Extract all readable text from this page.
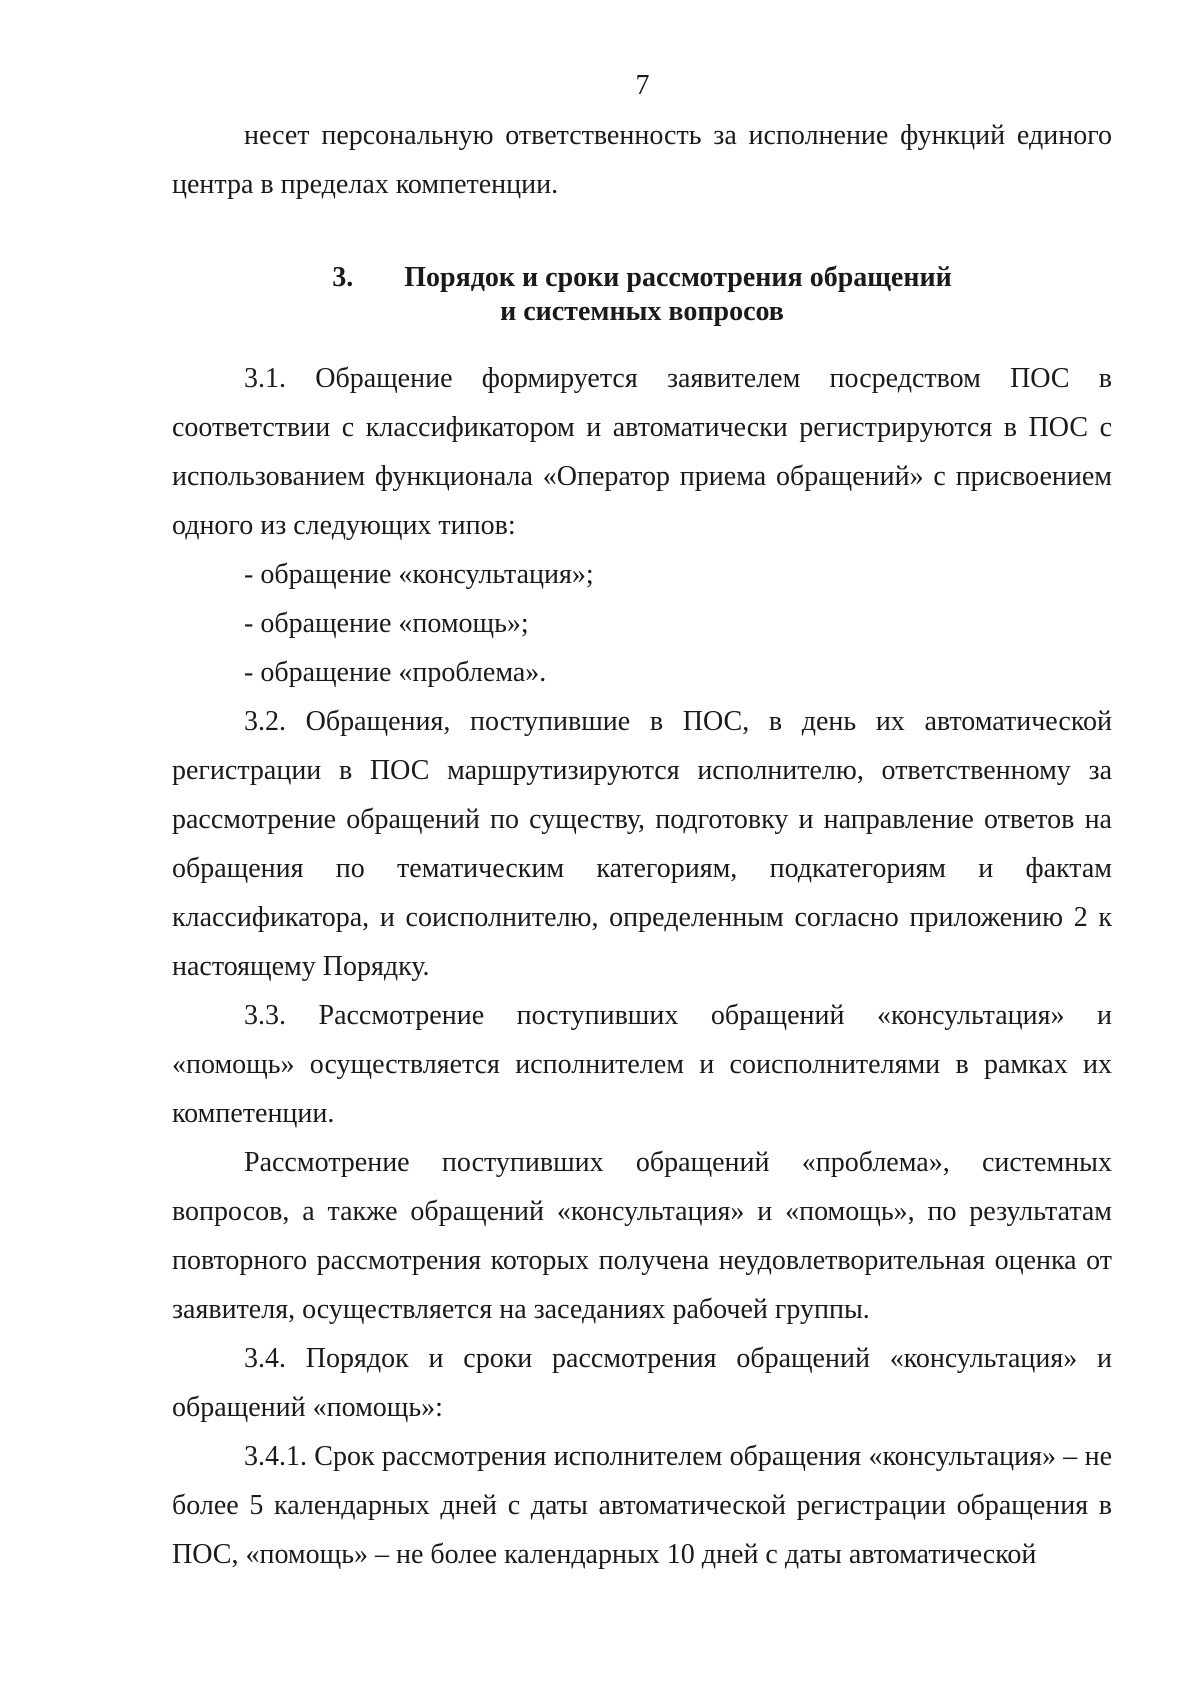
7

несет персональную ответственность за исполнение функций единого центра в пределах компетенции.

3. Порядок и сроки рассмотрения обращений
и системных вопросов

3.1. Обращение формируется заявителем посредством ПОС в соответствии с классификатором и автоматически регистрируются в ПОС с использованием функционала «Оператор приема обращений» с присвоением одного из следующих типов:

- обращение «консультация»;

- обращение «помощь»;

- обращение «проблема».

3.2. Обращения, поступившие в ПОС, в день их автоматической регистрации в ПОС маршрутизируются исполнителю, ответственному за рассмотрение обращений по существу, подготовку и направление ответов на обращения по тематическим категориям, подкатегориям и фактам классификатора, и соисполнителю, определенным согласно приложению 2 к настоящему Порядку.

3.3. Рассмотрение поступивших обращений «консультация» и «помощь» осуществляется исполнителем и соисполнителями в рамках их компетенции.

Рассмотрение поступивших обращений «проблема», системных вопросов, а также обращений «консультация» и «помощь», по результатам повторного рассмотрения которых получена неудовлетворительная оценка от заявителя, осуществляется на заседаниях рабочей группы.

3.4. Порядок и сроки рассмотрения обращений «консультация» и обращений «помощь»:

3.4.1. Срок рассмотрения исполнителем обращения «консультация» – не более 5 календарных дней с даты автоматической регистрации обращения в ПОС, «помощь» – не более календарных 10 дней с даты автоматической
